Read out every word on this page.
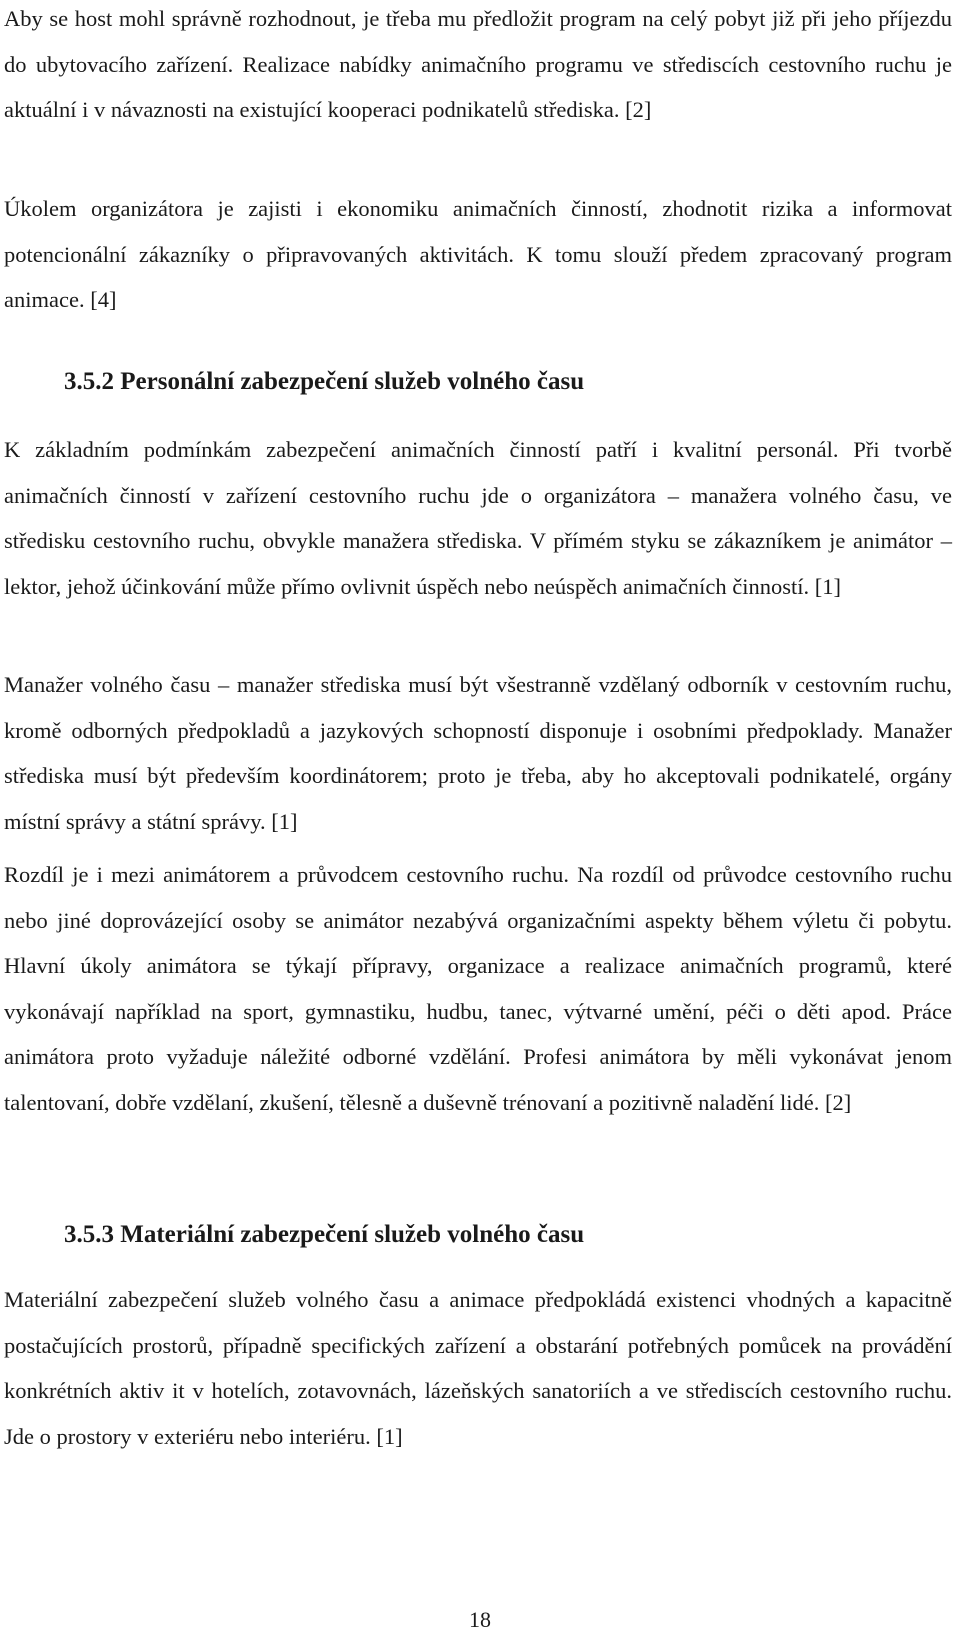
Aby se host mohl správně rozhodnout, je třeba mu předložit program na celý pobyt již při jeho příjezdu do ubytovacího zařízení. Realizace nabídky animačního programu ve střediscích cestovního ruchu je aktuální i v návaznosti na existující kooperaci podnikatelů střediska. [2]

Úkolem organizátora je zajisti i ekonomiku animačních činností, zhodnotit rizika a informovat potencionální zákazníky o připravovaných aktivitách. K tomu slouží předem zpracovaný program animace. [4]

3.5.2 Personální zabezpečení služeb volného času

K základním podmínkám zabezpečení animačních činností patří i kvalitní personál. Při tvorbě animačních činností v zařízení cestovního ruchu jde o organizátora – manažera volného času, ve středisku cestovního ruchu, obvykle manažera střediska. V přímém styku se zákazníkem je animátor – lektor, jehož účinkování může přímo ovlivnit úspěch nebo neúspěch animačních činností. [1]

Manažer volného času – manažer střediska musí být všestranně vzdělaný odborník v cestovním ruchu, kromě odborných předpokladů a jazykových schopností disponuje i osobními předpoklady. Manažer střediska musí být především koordinátorem; proto je třeba, aby ho akceptovali podnikatelé, orgány místní správy a státní správy. [1]

Rozdíl je i mezi animátorem a průvodcem cestovního ruchu. Na rozdíl od průvodce cestovního ruchu nebo jiné doprovázející osoby se animátor nezabývá organizačními aspekty během výletu či pobytu. Hlavní úkoly animátora se týkají přípravy, organizace a realizace animačních programů, které vykonávají například na sport, gymnastiku, hudbu, tanec, výtvarné umění, péči o děti apod. Práce animátora proto vyžaduje náležité odborné vzdělání. Profesi animátora by měli vykonávat jenom talentovaní, dobře vzdělaní, zkušení, tělesně a duševně trénovaní a pozitivně naladění lidé. [2]

3.5.3 Materiální zabezpečení služeb volného času

Materiální zabezpečení služeb volného času a animace předpokládá existenci vhodných a kapacitně postačujících prostorů, případně specifických zařízení a obstarání potřebných pomůcek na provádění konkrétních aktiv it v hotelích, zotavovnách, lázeňských sanatoriích a ve střediscích cestovního ruchu. Jde o prostory v exteriéru nebo interiéru. [1]

18
